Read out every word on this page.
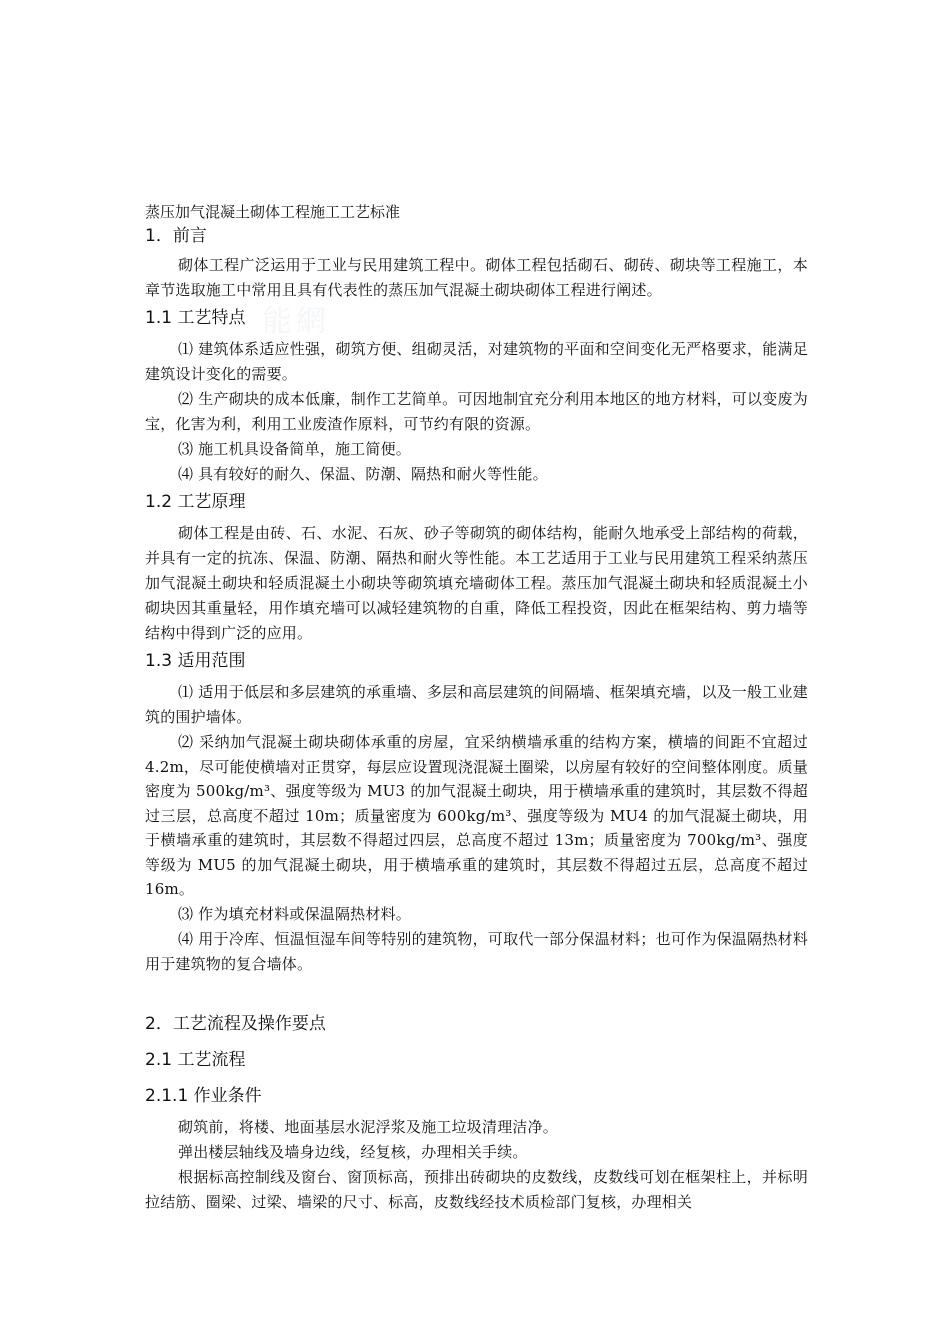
能網

蒸压加气混凝土砌体工程施工工艺标准

1．前言

砌体工程广泛运用于工业与民用建筑工程中。砌体工程包括砌石、砌砖、砌块等工程施工，本章节选取施工中常用且具有代表性的蒸压加气混凝土砌块砌体工程进行阐述。

1.1 工艺特点

⑴ 建筑体系适应性强，砌筑方便、组砌灵活，对建筑物的平面和空间变化无严格要求，能满足建筑设计变化的需要。

⑵ 生产砌块的成本低廉，制作工艺简单。可因地制宜充分利用本地区的地方材料，可以变废为宝，化害为利，利用工业废渣作原料，可节约有限的资源。

⑶ 施工机具设备简单，施工简便。

⑷ 具有较好的耐久、保温、防潮、隔热和耐火等性能。

1.2 工艺原理

砌体工程是由砖、石、水泥、石灰、砂子等砌筑的砌体结构，能耐久地承受上部结构的荷载，并具有一定的抗冻、保温、防潮、隔热和耐火等性能。本工艺适用于工业与民用建筑工程采纳蒸压加气混凝土砌块和轻质混凝土小砌块等砌筑填充墙砌体工程。蒸压加气混凝土砌块和轻质混凝土小砌块因其重量轻，用作填充墙可以减轻建筑物的自重，降低工程投资，因此在框架结构、剪力墙等结构中得到广泛的应用。

1.3 适用范围

⑴ 适用于低层和多层建筑的承重墙、多层和高层建筑的间隔墙、框架填充墙，以及一般工业建筑的围护墙体。

⑵ 采纳加气混凝土砌块砌体承重的房屋，宜采纳横墙承重的结构方案，横墙的间距不宜超过 4.2m，尽可能使横墙对正贯穿，每层应设置现浇混凝土圈梁，以房屋有较好的空间整体刚度。质量密度为 500kg/m³、强度等级为 MU3 的加气混凝土砌块，用于横墙承重的建筑时，其层数不得超过三层，总高度不超过 10m；质量密度为 600kg/m³、强度等级为 MU4 的加气混凝土砌块，用于横墙承重的建筑时，其层数不得超过四层，总高度不超过 13m；质量密度为 700kg/m³、强度等级为 MU5 的加气混凝土砌块，用于横墙承重的建筑时，其层数不得超过五层，总高度不超过 16m。

⑶ 作为填充材料或保温隔热材料。

⑷ 用于冷库、恒温恒湿车间等特别的建筑物，可取代一部分保温材料；也可作为保温隔热材料用于建筑物的复合墙体。

2．工艺流程及操作要点

2.1 工艺流程

2.1.1 作业条件

砌筑前，将楼、地面基层水泥浮浆及施工垃圾清理洁净。

弹出楼层轴线及墙身边线，经复核，办理相关手续。

根据标高控制线及窗台、窗顶标高，预排出砖砌块的皮数线，皮数线可划在框架柱上，并标明拉结筋、圈梁、过梁、墙梁的尺寸、标高，皮数线经技术质检部门复核，办理相关
